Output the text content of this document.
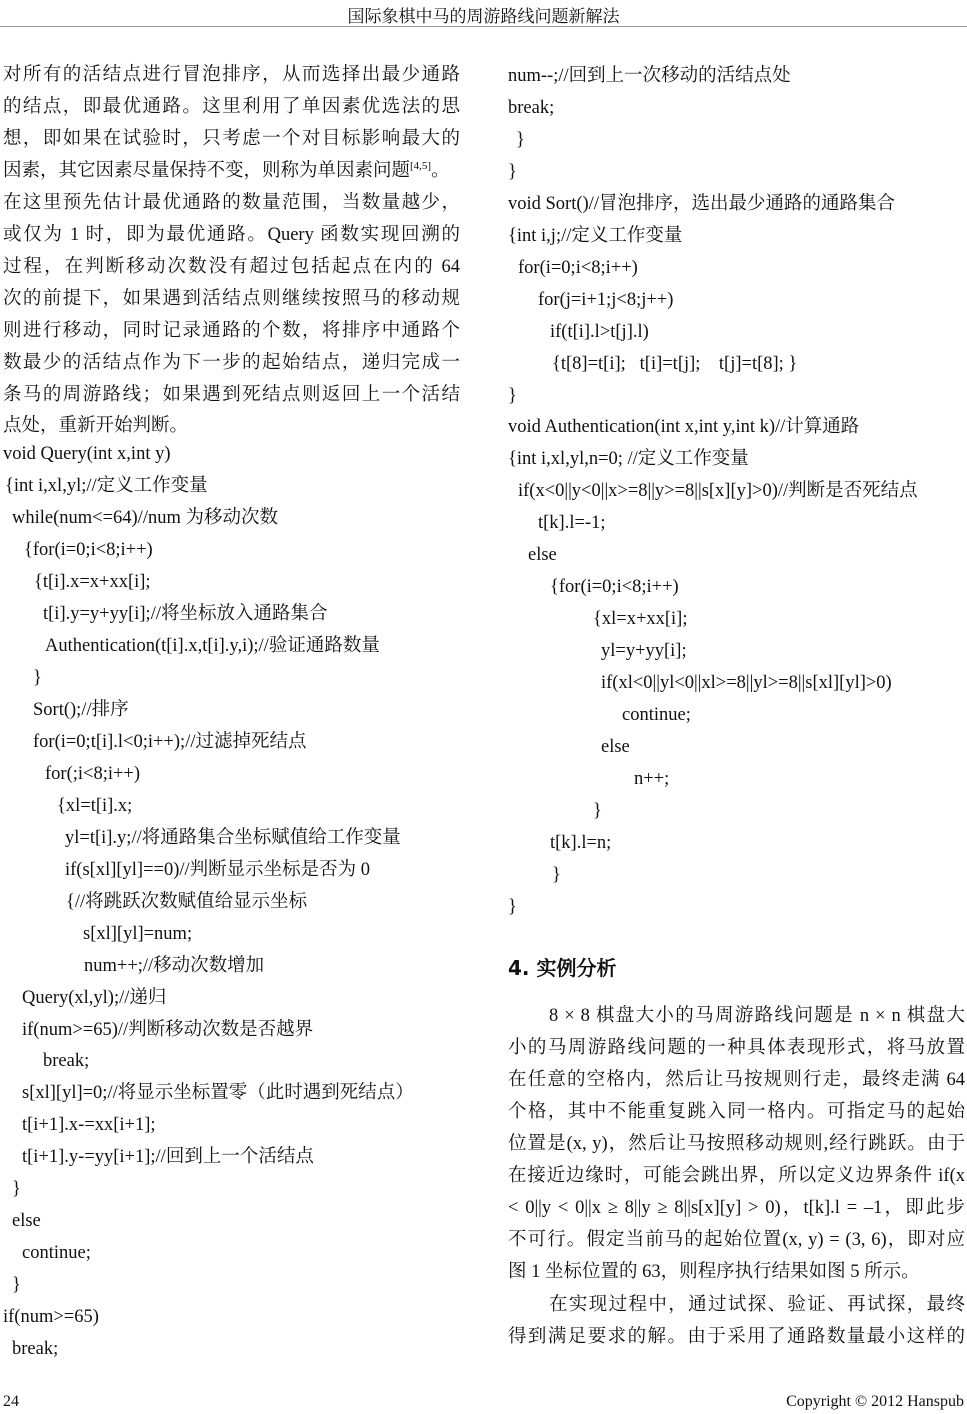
国际象棋中马的周游路线问题新解法
对所有的活结点进行冒泡排序，从而选择出最少通路
的结点，即最优通路。这里利用了单因素优选法的思
想，即如果在试验时，只考虑一个对目标影响最大的
因素，其它因素尽量保持不变，则称为单因素问题[4,5]。
在这里预先估计最优通路的数量范围，当数量越少，
或仅为 1 时，即为最优通路。Query 函数实现回溯的
过程，在判断移动次数没有超过包括起点在内的 64
次的前提下，如果遇到活结点则继续按照马的移动规
则进行移动，同时记录通路的个数，将排序中通路个
数最少的活结点作为下一步的起始结点，递归完成一
条马的周游路线；如果遇到死结点则返回上一个活结
点处，重新开始判断。
void Query(int x,int y)
{int i,xl,yl;//定义工作变量
while(num<=64)//num 为移动次数
{for(i=0;i<8;i++)
{t[i].x=x+xx[i];
t[i].y=y+yy[i];//将坐标放入通路集合
Authentication(t[i].x,t[i].y,i);//验证通路数量
}
Sort();//排序
for(i=0;t[i].l<0;i++);//过滤掉死结点
for(;i<8;i++)
{xl=t[i].x;
yl=t[i].y;//将通路集合坐标赋值给工作变量
if(s[xl][yl]==0)//判断显示坐标是否为 0
{//将跳跃次数赋值给显示坐标
s[xl][yl]=num;
num++;//移动次数增加
Query(xl,yl);//递归
if(num>=65)//判断移动次数是否越界
break;
s[xl][yl]=0;//将显示坐标置零（此时遇到死结点）
t[i+1].x-=xx[i+1];
t[i+1].y-=yy[i+1];//回到上一个活结点
}
else
continue;
}
if(num>=65)
break;
num--;//回到上一次移动的活结点处
break;
}
}
void Sort()//冒泡排序，选出最少通路的通路集合
{int i,j;//定义工作变量
for(i=0;i<8;i++)
for(j=i+1;j<8;j++)
if(t[i].l>t[j].l)
{t[8]=t[i];   t[i]=t[j];    t[j]=t[8]; }
}
void Authentication(int x,int y,int k)//计算通路
{int i,xl,yl,n=0; //定义工作变量
if(x<0||y<0||x>=8||y>=8||s[x][y]>0)//判断是否死结点
t[k].l=-1;
else
{for(i=0;i<8;i++)
{xl=x+xx[i];
yl=y+yy[i];
if(xl<0||yl<0||xl>=8||yl>=8||s[xl][yl]>0)
continue;
else
n++;
}
t[k].l=n;
}
}
8 × 8 棋盘大小的马周游路线问题是 n × n 棋盘大
小的马周游路线问题的一种具体表现形式，将马放置
在任意的空格内，然后让马按规则行走，最终走满 64
个格，其中不能重复跳入同一格内。可指定马的起始
位置是(x, y)，然后让马按照移动规则,经行跳跃。由于
在接近边缘时，可能会跳出界，所以定义边界条件 if(x
< 0||y < 0||x ≥ 8||y ≥ 8||s[x][y] > 0)，t[k].l = –1，即此步
不可行。假定当前马的起始位置(x, y) = (3, 6)，即对应
图 1 坐标位置的 63，则程序执行结果如图 5 所示。
在实现过程中，通过试探、验证、再试探，最终
得到满足要求的解。由于采用了通路数量最小这样的
4. 实例分析
24	Copyright © 2012 Hanspub
